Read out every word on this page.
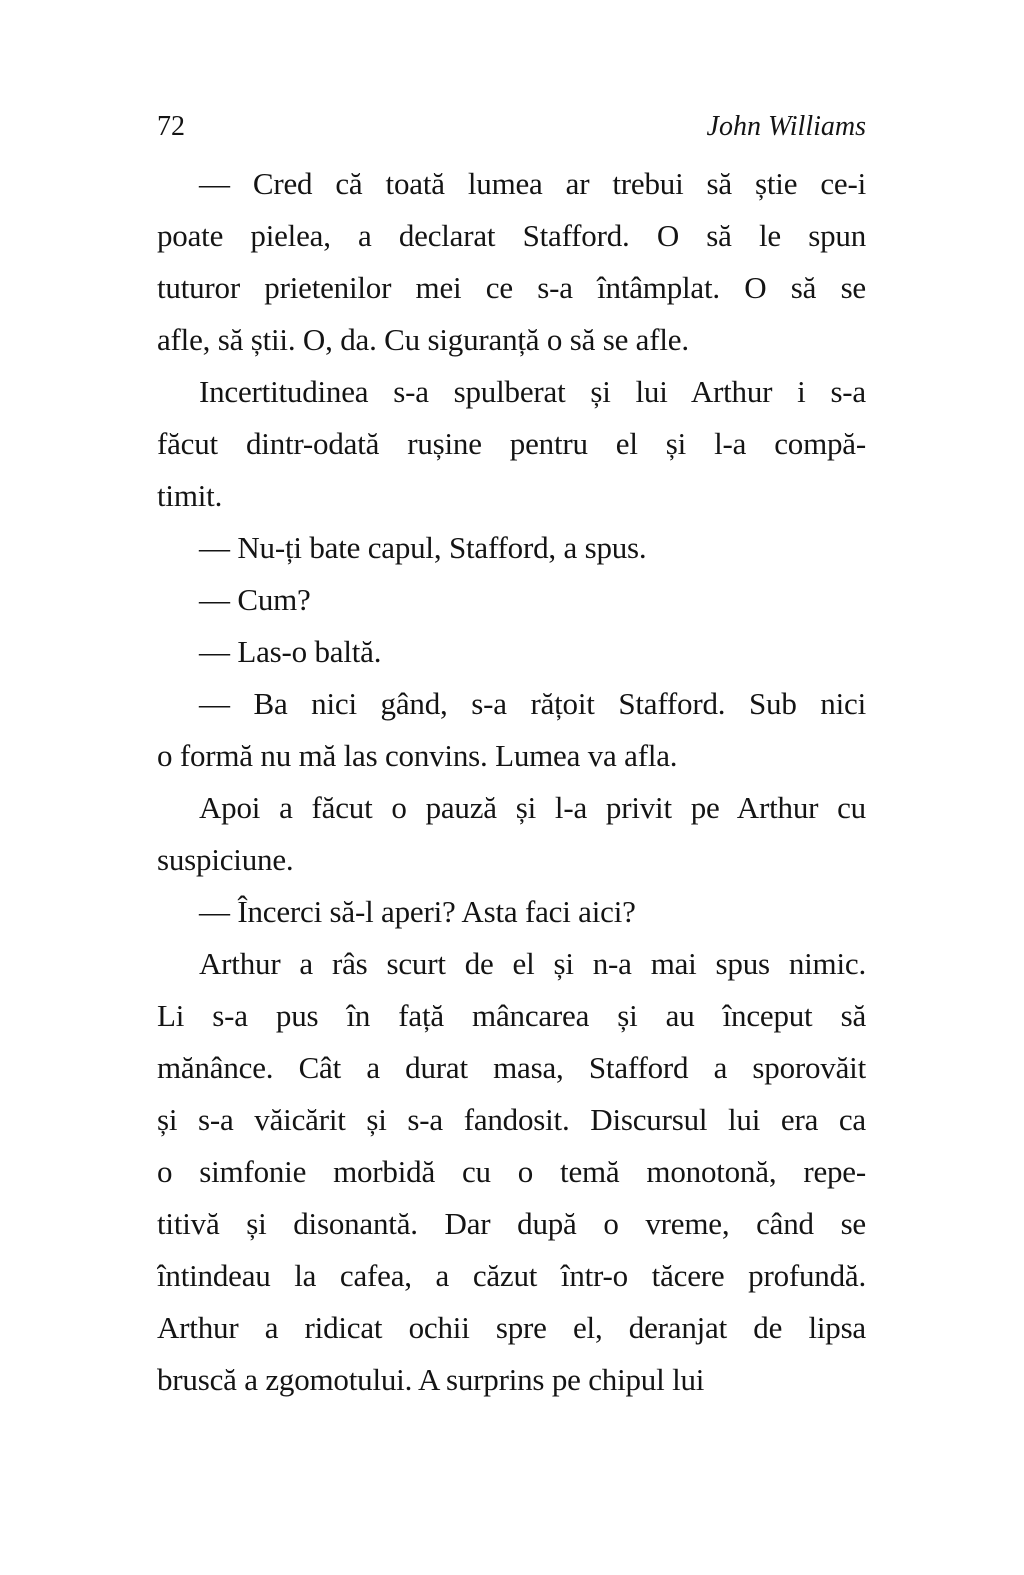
72	John Williams
— Cred că toată lumea ar trebui să știe ce-i
poate pielea, a declarat Stafford. O să le spun
tuturor prietenilor mei ce s-a întâmplat. O să se
afle, să știi. O, da. Cu siguranță o să se afle.
Incertitudinea s-a spulberat și lui Arthur i s-a
făcut dintr-odată rușine pentru el și l-a compă-
timit.
— Nu-ți bate capul, Stafford, a spus.
— Cum?
— Las-o baltă.
— Ba nici gând, s-a rățoit Stafford. Sub nici
o formă nu mă las convins. Lumea va afla.
Apoi a făcut o pauză și l-a privit pe Arthur cu
suspiciune.
— Încerci să-l aperi? Asta faci aici?
Arthur a râs scurt de el și n-a mai spus nimic.
Li s-a pus în față mâncarea și au început să
mănânce. Cât a durat masa, Stafford a sporovăit
și s-a văicărit și s-a fandosit. Discursul lui era ca
o simfonie morbidă cu o temă monotonă, repe-
titivă și disonantă. Dar după o vreme, când se
întindeau la cafea, a căzut într-o tăcere profundă.
Arthur a ridicat ochii spre el, deranjat de lipsa
bruscă a zgomotului. A surprins pe chipul lui
